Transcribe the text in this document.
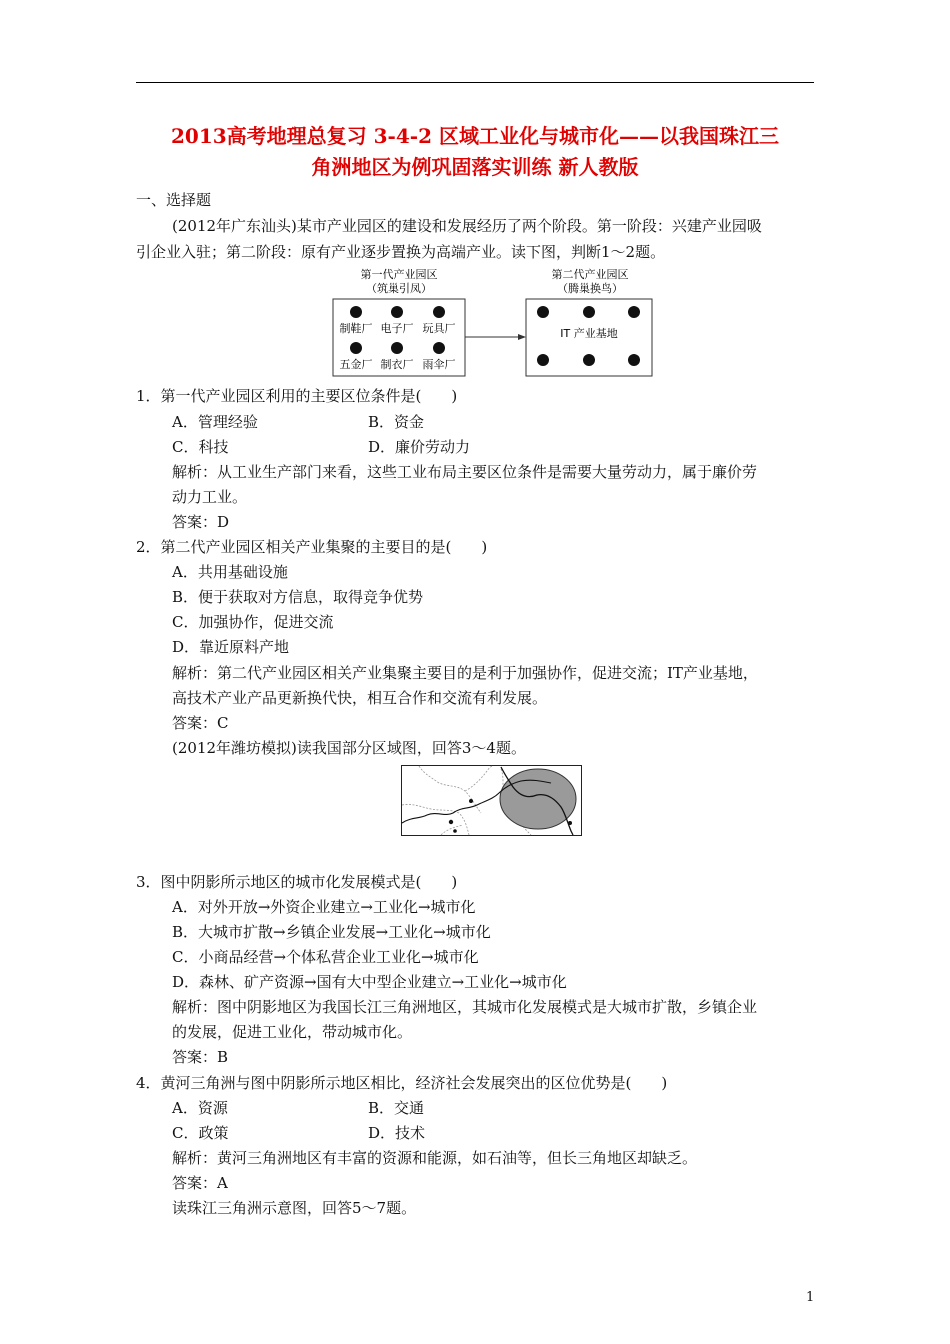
2013高考地理总复习 3-4-2 区域工业化与城市化——以我国珠江三
角洲地区为例巩固落实训练 新人教版
一、选择题
(2012年广东汕头)某市产业园区的建设和发展经历了两个阶段。第一阶段：兴建产业园吸
引企业入驻；第二阶段：原有产业逐步置换为高端产业。读下图，判断1～2题。
第一代产业园区
（筑巢引凤）
第二代产业园区
（腾巢换鸟）
制鞋厂 电子厂 玩具厂
五金厂 制衣厂 雨伞厂
IT 产业基地
1．第一代产业园区利用的主要区位条件是(　　)
A．管理经验	B．资金
C．科技	D．廉价劳动力
解析：从工业生产部门来看，这些工业布局主要区位条件是需要大量劳动力，属于廉价劳
动力工业。
答案：D
2．第二代产业园区相关产业集聚的主要目的是(　　)
A．共用基础设施
B．便于获取对方信息，取得竞争优势
C．加强协作，促进交流
D．靠近原料产地
解析：第二代产业园区相关产业集聚主要目的是利于加强协作，促进交流；IT产业基地，
高技术产业产品更新换代快，相互合作和交流有利发展。
答案：C
(2012年潍坊模拟)读我国部分区域图，回答3～4题。
3．图中阴影所示地区的城市化发展模式是(　　)
A．对外开放→外资企业建立→工业化→城市化
B．大城市扩散→乡镇企业发展→工业化→城市化
C．小商品经营→个体私营企业工业化→城市化
D．森林、矿产资源→国有大中型企业建立→工业化→城市化
解析：图中阴影地区为我国长江三角洲地区，其城市化发展模式是大城市扩散，乡镇企业
的发展，促进工业化，带动城市化。
答案：B
4．黄河三角洲与图中阴影所示地区相比，经济社会发展突出的区位优势是(　　)
A．资源	B．交通
C．政策	D．技术
解析：黄河三角洲地区有丰富的资源和能源，如石油等，但长三角地区却缺乏。
答案：A
读珠江三角洲示意图，回答5～7题。
1
